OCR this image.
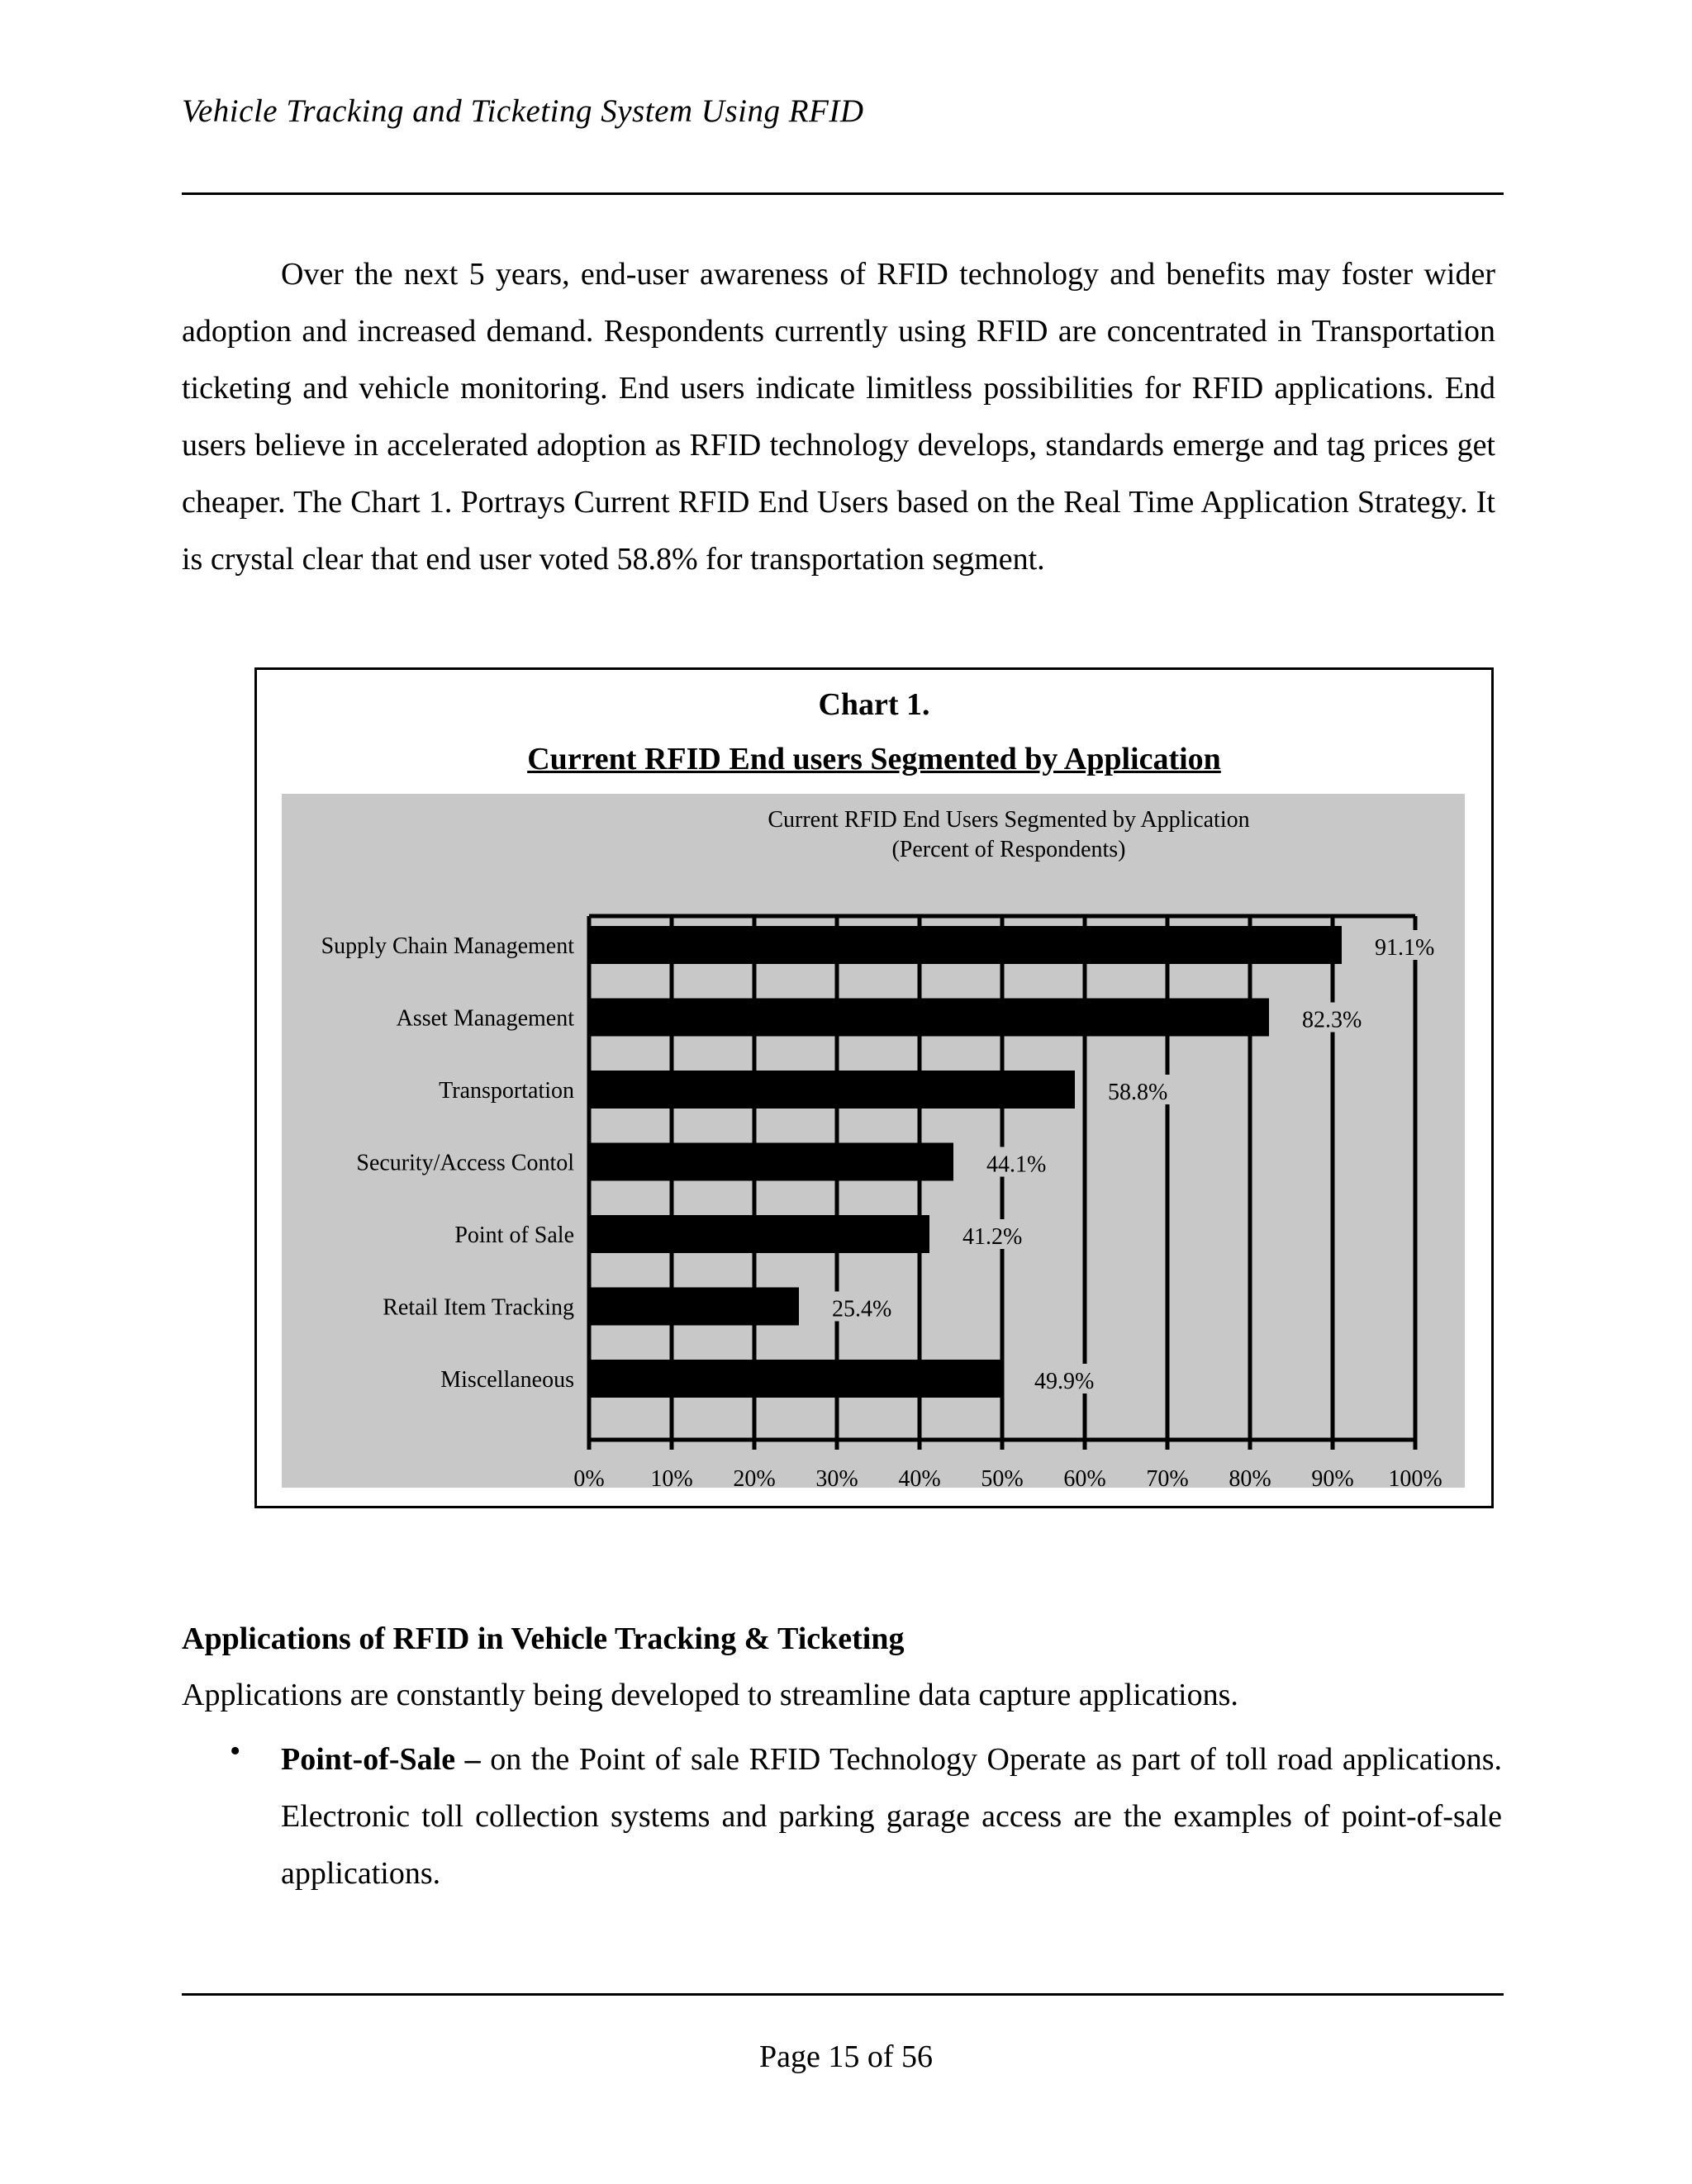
Vehicle Tracking and Ticketing System Using RFID

Over the next 5 years, end-user awareness of RFID technology and benefits may foster wider adoption and increased demand. Respondents currently using RFID are concentrated in Transportation ticketing and vehicle monitoring. End users indicate limitless possibilities for RFID applications. End users believe in accelerated adoption as RFID technology develops, standards emerge and tag prices get cheaper. The Chart 1. Portrays Current RFID End Users based on the Real Time Application Strategy. It is crystal clear that end user voted 58.8% for transportation segment.

Chart 1.
Current RFID End users Segmented by Application
Current RFID End Users Segmented by Application
(Percent of Respondents)
0% 10% 20% 30% 40% 50% 60% 70% 80% 90% 100%
Supply Chain Management	91.1%
Asset Management	82.3%
Transportation	58.8%
Security/Access Contol	44.1%
Point of Sale	41.2%
Retail Item Tracking	25.4%
Miscellaneous	49.9%
Applications of RFID in Vehicle Tracking & Ticketing
Applications are constantly being developed to streamline data capture applications.
• Point-of-Sale – on the Point of sale RFID Technology Operate as part of toll road applications. Electronic toll collection systems and parking garage access are the examples of point-of-sale applications.

Page 15 of 56
